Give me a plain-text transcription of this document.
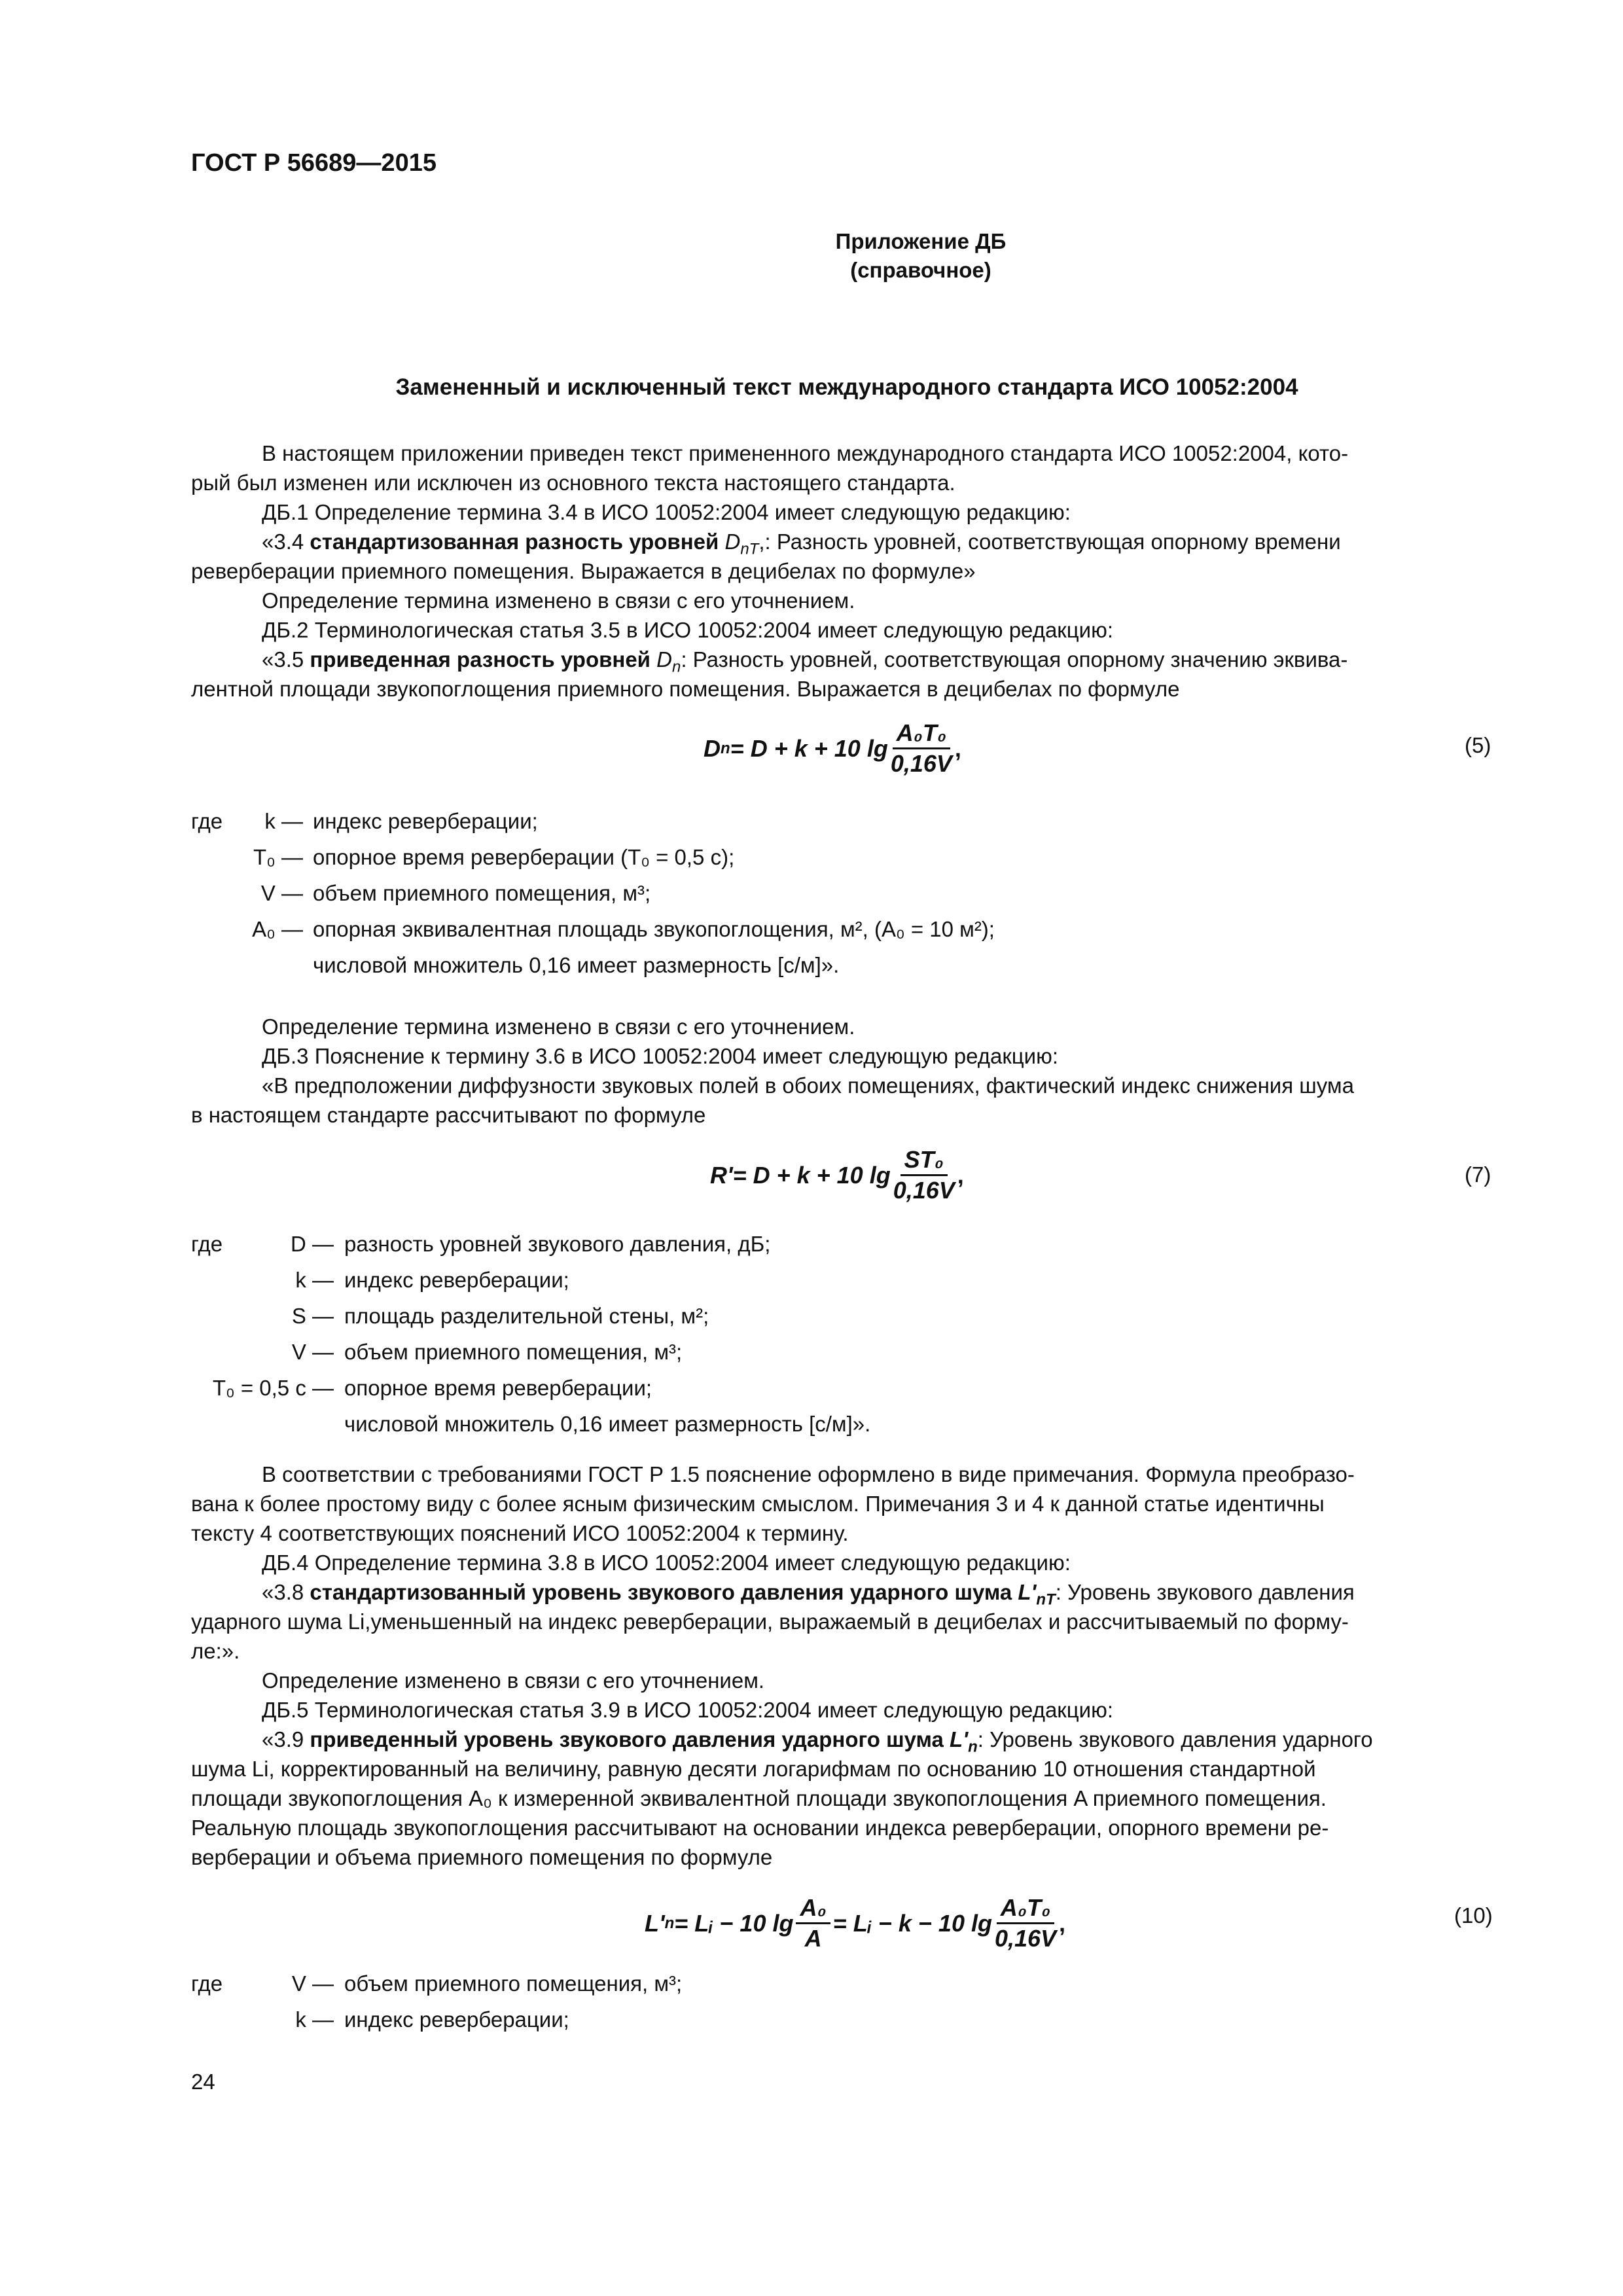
ГОСТ Р 56689—2015
Приложение ДБ
(справочное)
Замененный и исключенный текст международного стандарта ИСО 10052:2004

В настоящем приложении приведен текст примененного международного стандарта ИСО 10052:2004, кото-

рый был изменен или исключен из основного текста настоящего стандарта.

ДБ.1 Определение термина 3.4 в ИСО 10052:2004 имеет следующую редакцию:

«3.4 стандартизованная разность уровней $D_{nT}$,: Разность уровней, соответствующая опорному времени

реверберации приемного помещения. Выражается в децибелах по формуле»

Определение термина изменено в связи с его уточнением.

ДБ.2 Терминологическая статья 3.5 в ИСО 10052:2004 имеет следующую редакцию:

«3.5 приведенная разность уровней $D_n$: Разность уровней, соответствующая опорному значению эквива-

лентной площади звукопоглощения приемного помещения. Выражается в децибелах по формуле

D n = D + k + 10 $\lg \frac{\text{A₀T₀}}{0,16V}$ ,	(5)
где	k — индекс реверберации;
T₀ — опорное время реверберации (T₀ = 0,5 с);
V — объем приемного помещения, м³;
A₀ — опорная эквивалентная площадь звукопоглощения, м², (A₀ = 10 м²);
числовой множитель 0,16 имеет размерность [с/м]».

Определение термина изменено в связи с его уточнением.

ДБ.3 Пояснение к термину 3.6 в ИСО 10052:2004 имеет следующую редакцию:

«В предположении диффузности звуковых полей в обоих помещениях, фактический индекс снижения шума

в настоящем стандарте рассчитывают по формуле

R' = D + k + 10 $\lg \frac{\text{ST₀}}{0,16V}$ ,	(7)
где	D — разность уровней звукового давления, дБ;
k — индекс реверберации;
S — площадь разделительной стены, м²;
V — объем приемного помещения, м³;
T₀ = 0,5 с — опорное время реверберации;
числовой множитель 0,16 имеет размерность [с/м]».

В соответствии с требованиями ГОСТ Р 1.5 пояснение оформлено в виде примечания. Формула преобразо-

вана к более простому виду с более ясным физическим смыслом. Примечания 3 и 4 к данной статье идентичны

тексту 4 соответствующих пояснений ИСО 10052:2004 к термину.

ДБ.4 Определение термина 3.8 в ИСО 10052:2004 имеет следующую редакцию:

«3.8 стандартизованный уровень звукового давления ударного шума $L'_{nT}$: Уровень звукового давления

ударного шума Li,уменьшенный на индекс реверберации, выражаемый в децибелах и рассчитываемый по форму-

ле:».

Определение изменено в связи с его уточнением.

ДБ.5 Терминологическая статья 3.9 в ИСО 10052:2004 имеет следующую редакцию:

«3.9 приведенный уровень звукового давления ударного шума $L'_n$: Уровень звукового давления ударного

шума Li, корректированный на величину, равную десяти логарифмам по основанию 10 отношения стандартной

площади звукопоглощения A₀ к измеренной эквивалентной площади звукопоглощения A приемного помещения.

Реальную площадь звукопоглощения рассчитывают на основании индекса реверберации, опорного времени ре-

верберации и объема приемного помещения по формуле

L' n = Lᵢ − 10 $\lg \frac{\text{A₀}}{A}$ = Lᵢ − k − 10 $\lg \frac{\text{A₀T₀}}{0,16V}$ ,	(10)
где	V — объем приемного помещения, м³;
k — индекс реверберации;
24
